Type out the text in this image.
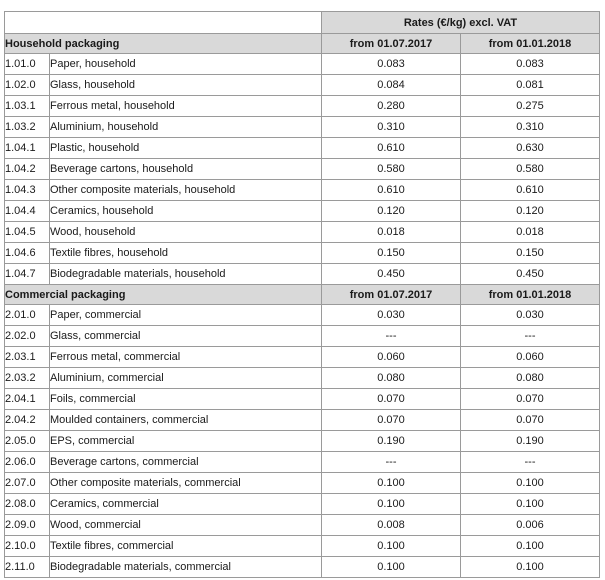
		Rates (€/kg) excl. VAT	
Household packaging		from 01.07.2017	from 01.01.2018
1.01.0	Paper, household	0.083	0.083
1.02.0	Glass, household	0.084	0.081
1.03.1	Ferrous metal, household	0.280	0.275
1.03.2	Aluminium, household	0.310	0.310
1.04.1	Plastic, household	0.610	0.630
1.04.2	Beverage cartons, household	0.580	0.580
1.04.3	Other composite materials, household	0.610	0.610
1.04.4	Ceramics, household	0.120	0.120
1.04.5	Wood, household	0.018	0.018
1.04.6	Textile fibres, household	0.150	0.150
1.04.7	Biodegradable materials, household	0.450	0.450
Commercial packaging		from 01.07.2017	from 01.01.2018
2.01.0	Paper, commercial	0.030	0.030
2.02.0	Glass, commercial	---	---
2.03.1	Ferrous metal, commercial	0.060	0.060
2.03.2	Aluminium, commercial	0.080	0.080
2.04.1	Foils, commercial	0.070	0.070
2.04.2	Moulded containers, commercial	0.070	0.070
2.05.0	EPS, commercial	0.190	0.190
2.06.0	Beverage cartons, commercial	---	---
2.07.0	Other composite materials, commercial	0.100	0.100
2.08.0	Ceramics, commercial	0.100	0.100
2.09.0	Wood, commercial	0.008	0.006
2.10.0	Textile fibres, commercial	0.100	0.100
2.11.0	Biodegradable materials, commercial	0.100	0.100
